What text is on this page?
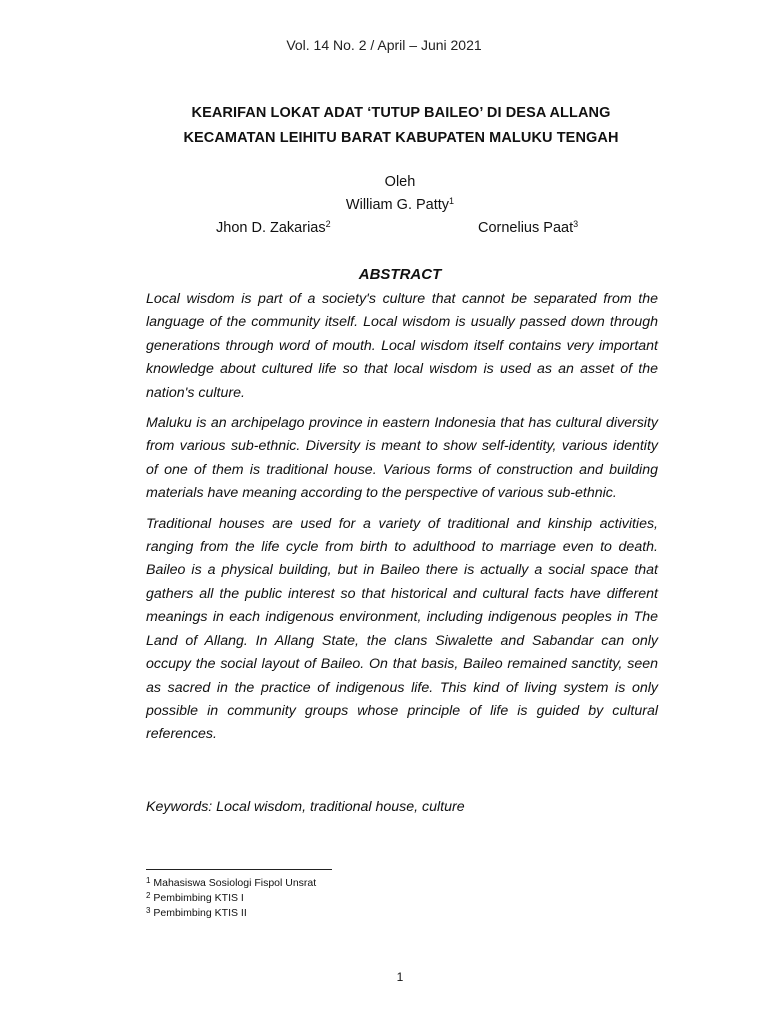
Vol. 14 No. 2 / April – Juni 2021
KEARIFAN LOKAT ADAT ‘TUTUP BAILEO’ DI DESA ALLANG
KECAMATAN LEIHITU BARAT KABUPATEN MALUKU TENGAH
Oleh
William G. Patty$^1$
Jhon D. Zakarias$^2$	Cornelius Paat$^3$
ABSTRACT

Local wisdom is part of a society's culture that cannot be separated from the language of the community itself. Local wisdom is usually passed down through generations through word of mouth. Local wisdom itself contains very important knowledge about cultured life so that local wisdom is used as an asset of the nation's culture.

Maluku is an archipelago province in eastern Indonesia that has cultural diversity from various sub-ethnic. Diversity is meant to show self-identity, various identity of one of them is traditional house. Various forms of construction and building materials have meaning according to the perspective of various sub-ethnic.

Traditional houses are used for a variety of traditional and kinship activities, ranging from the life cycle from birth to adulthood to marriage even to death. Baileo is a physical building, but in Baileo there is actually a social space that gathers all the public interest so that historical and cultural facts have different meanings in each indigenous environment, including indigenous peoples in The Land of Allang. In Allang State, the clans Siwalette and Sabandar can only occupy the social layout of Baileo. On that basis, Baileo remained sanctity, seen as sacred in the practice of indigenous life. This kind of living system is only possible in community groups whose principle of life is guided by cultural references.

Keywords: Local wisdom, traditional house, culture
$^1$ Mahasiswa Sosiologi Fispol Unsrat
$^2$ Pembimbing KTIS I
$^3$ Pembimbing KTIS II
1
